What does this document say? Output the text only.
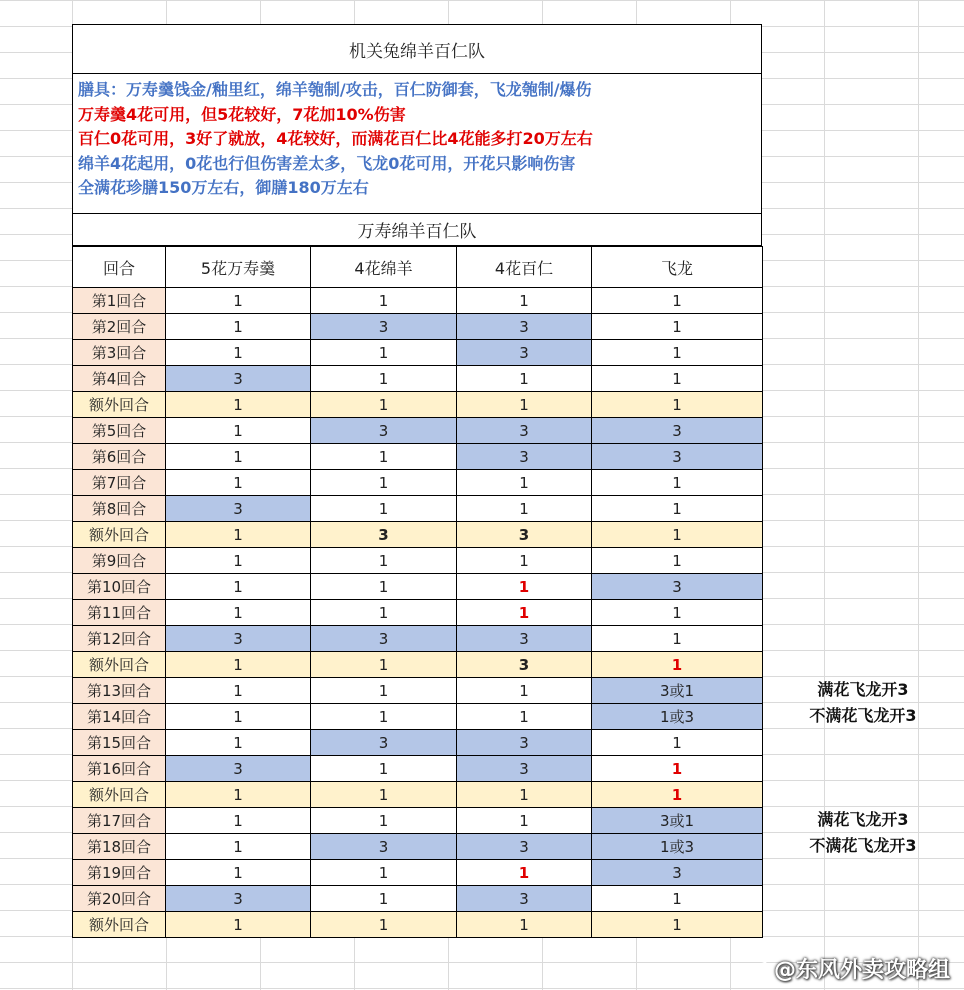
机关兔绵羊百仁队
膳具：万寿羹饯金/釉里红，绵羊匏制/攻击，百仁防御套，飞龙匏制/爆伤
万寿羹4花可用，但5花较好，7花加10%伤害
百仁0花可用，3好了就放，4花较好，而满花百仁比4花能多打20万左右
绵羊4花起用，0花也行但伤害差太多，飞龙0花可用，开花只影响伤害
全满花珍膳150万左右，御膳180万左右
万寿绵羊百仁队
回合	5花万寿羹	4花绵羊	4花百仁	飞龙
第1回合	1	1	1	1
第2回合	1	3	3	1
第3回合	1	1	3	1
第4回合	3	1	1	1
额外回合	1	1	1	1
第5回合	1	3	3	3
第6回合	1	1	3	3
第7回合	1	1	1	1
第8回合	3	1	1	1
额外回合	1	3	3	1
第9回合	1	1	1	1
第10回合	1	1	1	3
第11回合	1	1	1	1
第12回合	3	3	3	1
额外回合	1	1	3	1
第13回合	1	1	1	3或1
第14回合	1	1	1	1或3
第15回合	1	3	3	1
第16回合	3	1	3	1
额外回合	1	1	1	1
第17回合	1	1	1	3或1
第18回合	1	3	3	1或3
第19回合	1	1	1	3
第20回合	3	1	3	1
额外回合	1	1	1	1
满花飞龙开3
不满花飞龙开3
满花飞龙开3
不满花飞龙开3
@东风外卖攻略组
